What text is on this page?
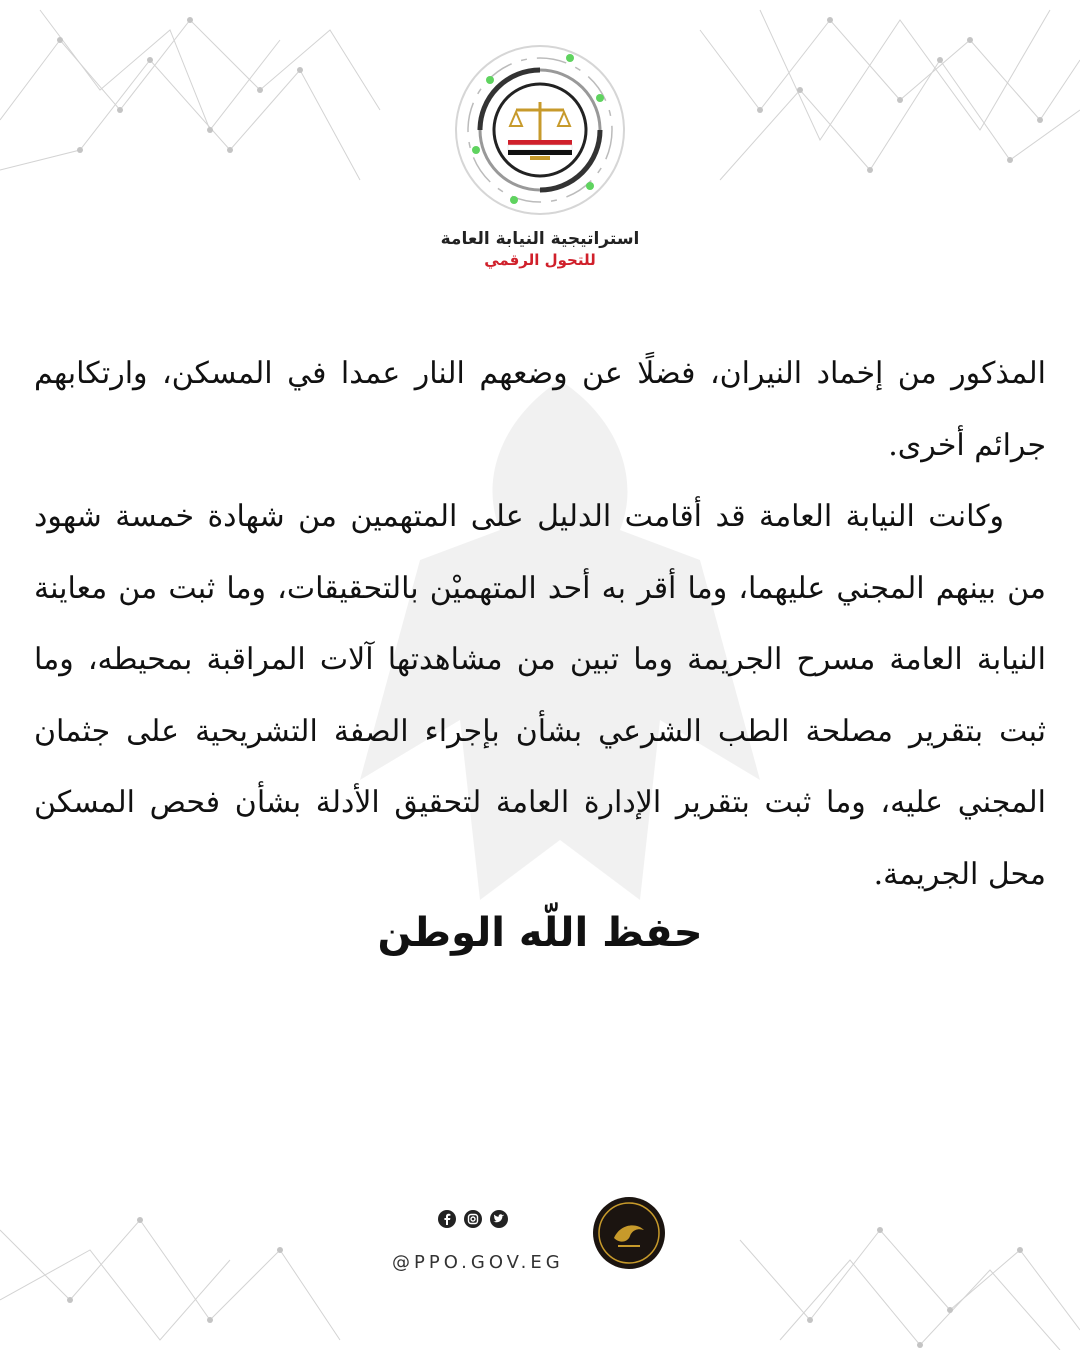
استراتيجية النيابة العامة
للتحول الرقمي

المذكور من إخماد النيران، فضلًا عن وضعهم النار عمدا في المسكن، وارتكابهم جرائم أخرى.

وكانت النيابة العامة قد أقامت الدليل على المتهمين من شهادة خمسة شهود من بينهم المجني عليهما، وما أقر به أحد المتهميْن بالتحقيقات، وما ثبت من معاينة النيابة العامة مسرح الجريمة وما تبين من مشاهدتها آلات المراقبة بمحيطه، وما ثبت بتقرير مصلحة الطب الشرعي بشأن بإجراء الصفة التشريحية على جثمان المجني عليه، وما ثبت بتقرير الإدارة العامة لتحقيق الأدلة بشأن فحص المسكن محل الجريمة.

حفظ اللّه الوطن
@PPO.GOV.EG
